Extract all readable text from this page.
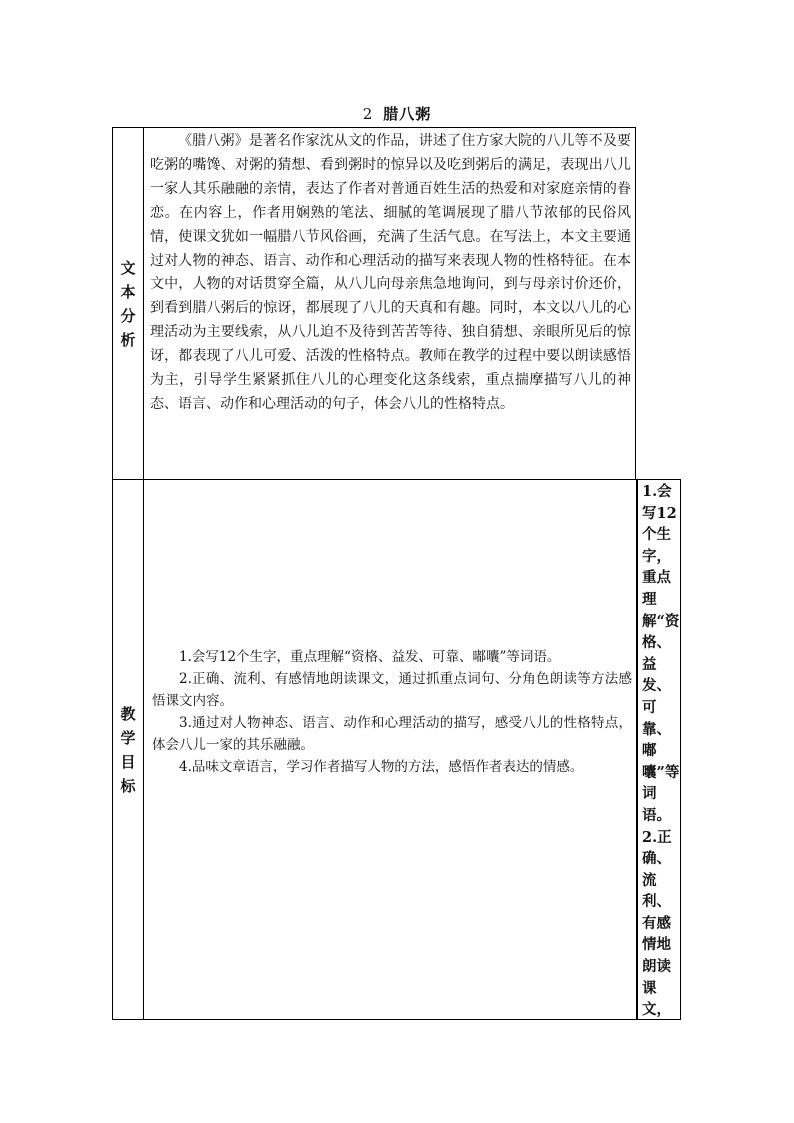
2 腊八粥
文本分析
《腊八粥》是著名作家沈从文的作品，讲述了住方家大院的八儿等不及要吃粥的嘴馋、对粥的猜想、看到粥时的惊异以及吃到粥后的满足，表现出八儿一家人其乐融融的亲情，表达了作者对普通百姓生活的热爱和对家庭亲情的眷恋。在内容上，作者用娴熟的笔法、细腻的笔调展现了腊八节浓郁的民俗风情，使课文犹如一幅腊八节风俗画，充满了生活气息。在写法上，本文主要通过对人物的神态、语言、动作和心理活动的描写来表现人物的性格特征。在本文中，人物的对话贯穿全篇，从八儿向母亲焦急地询问，到与母亲讨价还价，到看到腊八粥后的惊讶，都展现了八儿的天真和有趣。同时，本文以八儿的心理活动为主要线索，从八儿迫不及待到苦苦等待、独自猜想、亲眼所见后的惊讶，都表现了八儿可爱、活泼的性格特点。教师在教学的过程中要以朗读感悟为主，引导学生紧紧抓住八儿的心理变化这条线索，重点揣摩描写八儿的神态、语言、动作和心理活动的句子，体会八儿的性格特点。
教学目标

1.会写12个生字，重点理解“资格、益发、可靠、嘟囔”等词语。

2.正确、流利、有感情地朗读课文，通过抓重点词句、分角色朗读等方法感悟课文内容。

3.通过对人物神态、语言、动作和心理活动的描写，感受八儿的性格特点，体会八儿一家的其乐融融。

4.品味文章语言，学习作者描写人物的方法，感悟作者表达的情感。

1.会写12个生字，重点理解“资格、益发、可靠、嘟囔”等词语。2.正确、流利、有感情地朗读课文，
